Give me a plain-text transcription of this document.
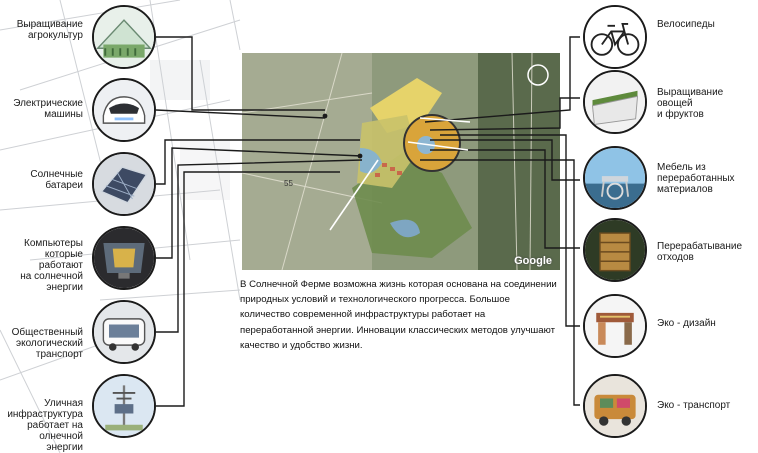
55
Google
Выращивание
агрокультур
Электрические
машины
Солнечные
батареи
Компьютеры
которые работают
на солнечной
энергии
Общественный
экологический
транспорт
Уличная
инфраструктура
работает на
олнечной энергии
Велосипеды
Выращивание овощей
и фруктов
Мебель из
переработанных
материалов
Перерабатывание
отходов
Эко - дизайн
Эко - транспорт
В Солнечной Ферме возможна жизнь которая основана на соединении природных условий и технологического прогресса. Большое количество современной инфраструктуры работает на переработанной энергии. Инновации классических методов улучшают качество и удобство жизни.
